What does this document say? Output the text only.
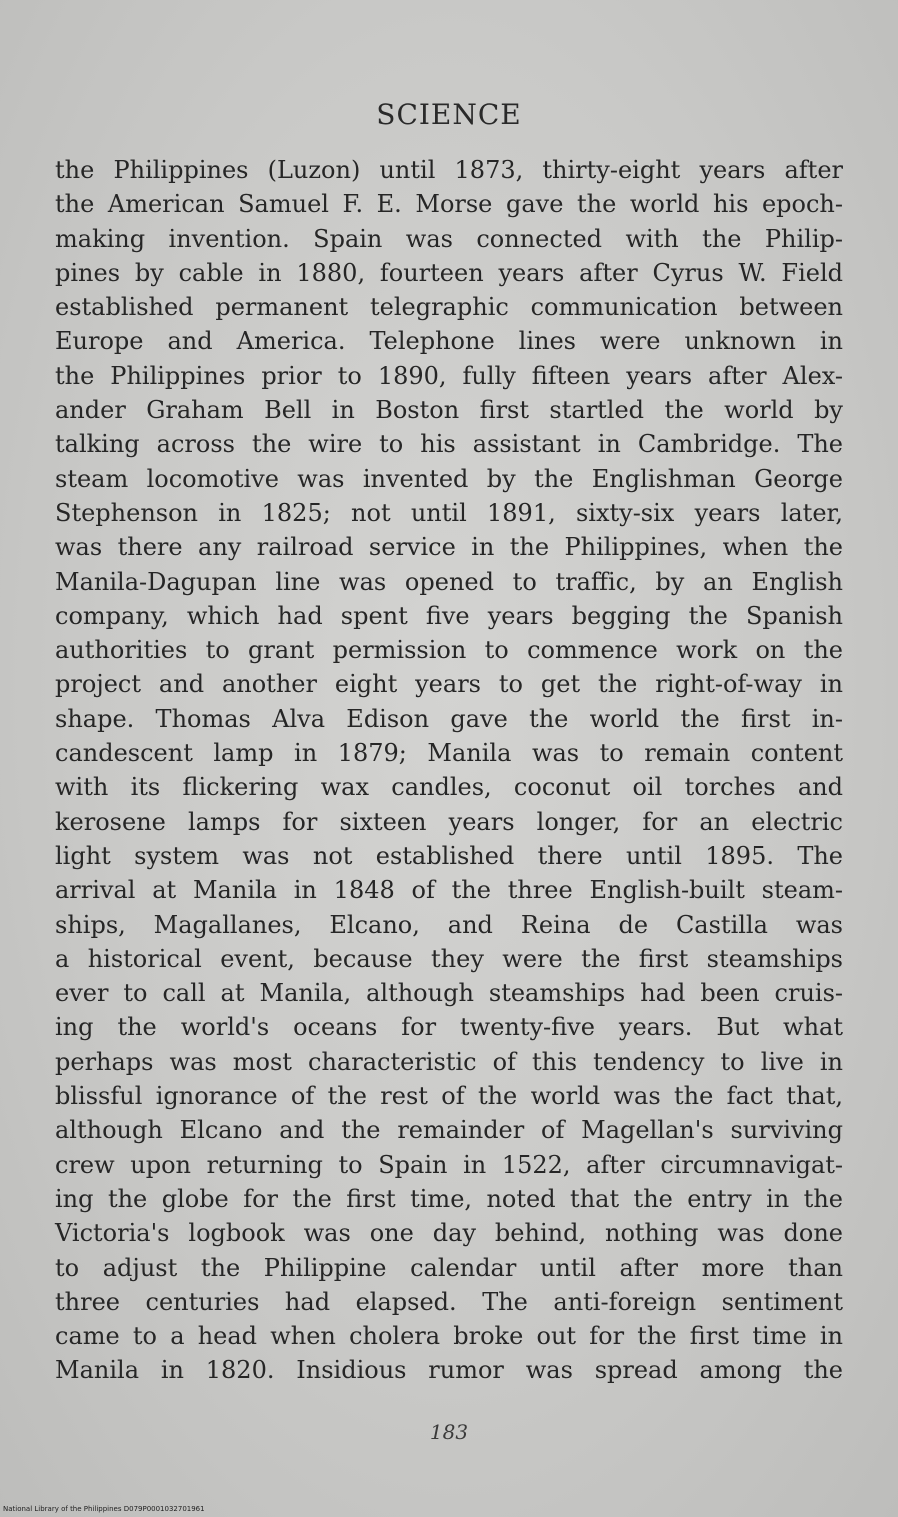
SCIENCE
the Philippines (Luzon) until 1873, thirty-eight years after
the American Samuel F. E. Morse gave the world his epoch-
making invention. Spain was connected with the Philip-
pines by cable in 1880, fourteen years after Cyrus W. Field
established permanent telegraphic communication between
Europe and America. Telephone lines were unknown in
the Philippines prior to 1890, fully fifteen years after Alex-
ander Graham Bell in Boston first startled the world by
talking across the wire to his assistant in Cambridge. The
steam locomotive was invented by the Englishman George
Stephenson in 1825; not until 1891, sixty-six years later,
was there any railroad service in the Philippines, when the
Manila-Dagupan line was opened to traffic, by an English
company, which had spent five years begging the Spanish
authorities to grant permission to commence work on the
project and another eight years to get the right-of-way in
shape. Thomas Alva Edison gave the world the first in-
candescent lamp in 1879; Manila was to remain content
with its flickering wax candles, coconut oil torches and
kerosene lamps for sixteen years longer, for an electric
light system was not established there until 1895. The
arrival at Manila in 1848 of the three English-built steam-
ships, Magallanes, Elcano, and Reina de Castilla was
a historical event, because they were the first steamships
ever to call at Manila, although steamships had been cruis-
ing the world's oceans for twenty-five years. But what
perhaps was most characteristic of this tendency to live in
blissful ignorance of the rest of the world was the fact that,
although Elcano and the remainder of Magellan's surviving
crew upon returning to Spain in 1522, after circumnavigat-
ing the globe for the first time, noted that the entry in the
Victoria's logbook was one day behind, nothing was done
to adjust the Philippine calendar until after more than
three centuries had elapsed. The anti-foreign sentiment
came to a head when cholera broke out for the first time in
Manila in 1820. Insidious rumor was spread among the
183
National Library of the Philippines D079P0001032701961
